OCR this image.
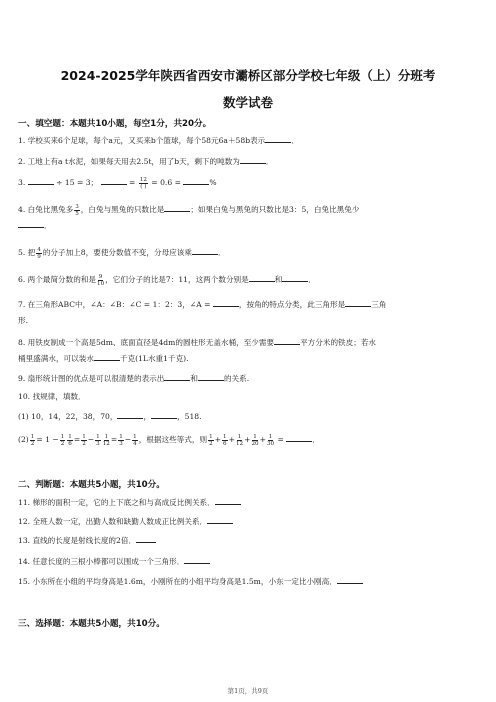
2024-2025学年陕西省西安市灞桥区部分学校七年级（上）分班考
数学试卷
一、填空题：本题共10小题，每空1分，共20分。
1. 学校买来6个足球，每个a元，又买来b个篮球，每个58元6a＋58b表示	．
2. 工地上有a t水泥，如果每天用去2.5t，用了b天，剩下的吨数为	．
3.	÷ 15 = 3；	= $\frac{12}{( )} = 0.6$ =	%
4. 白兔比黑兔多 $\frac{3}{5}$ ，白兔与黑兔的只数比是	；如果白兔与黑兔的只数比是3：5，白兔比黑兔少
．
5. 把 $\frac{4}{9}$ 的分子加上8，要使分数值不变，分母应该乘	．
6. 两个最简分数的和是 $\frac{9}{10}$ ，它们分子的比是7：11，这两个数分别是	和	．
7. 在三角形ABC中，∠A：∠B：∠C = 1：2：3，∠A =	，按角的特点分类，此三角形是	三角
形.
8. 用铁皮制成一个高是5dm、底面直径是4dm的圆柱形无盖水桶，至少需要	平方分米的铁皮；若水
桶里盛满水，可以装水	千克(1L水重1千克).
9. 扇形统计图的优点是可以很清楚的表示出	和	的关系.
10. 找规律，填数．
(1) 10，14，22，38，70，	，	，518.
$(2) \frac{1}{2} = 1 - \frac{1}{2} \frac{1}{6} = \frac{1}{2} - \frac{1}{3} \frac{1}{12} = \frac{1}{3} - \frac{1}{4}$ ，根据这些等式，则 $\frac{1}{2} + \frac{1}{6} + \frac{1}{12} + \frac{1}{20} + \frac{1}{30}$ =	．
二、判断题：本题共5小题，共10分。
11. 梯形的面积一定，它的上下底之和与高成反比例关系．
12. 全班人数一定，出勤人数和缺勤人数成正比例关系．
13. 直线的长度是射线长度的2倍．
14. 任意长度的三根小棒都可以围成一个三角形．
15. 小东所在小组的平均身高是1.6m，小刚所在的小组平均身高是1.5m，小东一定比小刚高．
三、选择题：本题共5小题，共10分。
第1页，共9页
